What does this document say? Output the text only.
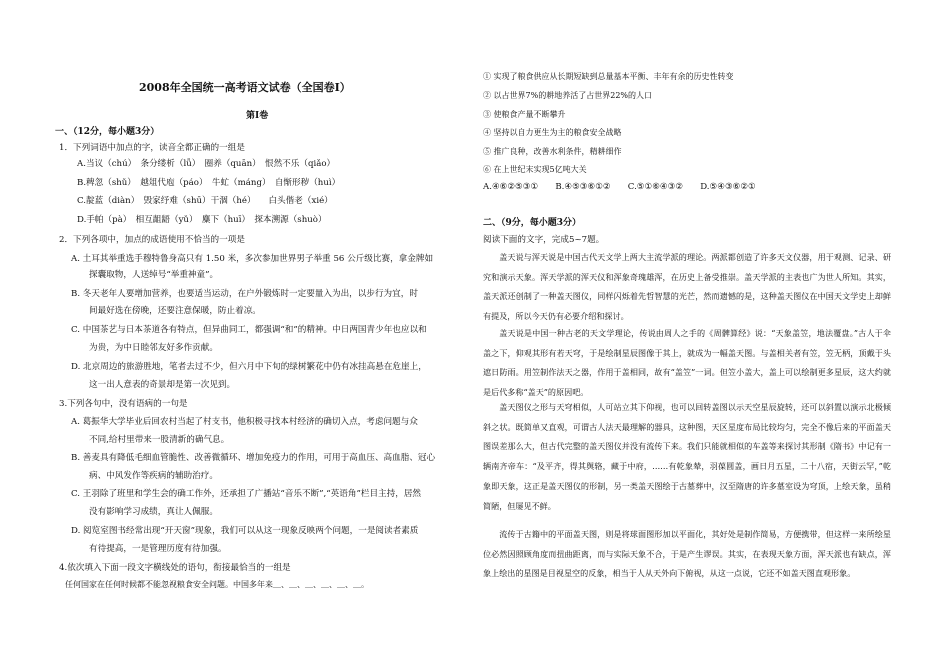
2008年全国统一高考语文试卷（全国卷Ⅰ）
第Ⅰ卷
一、（12分，每小题3分）
1．下列词语中加点的字，读音全都正确的一组是
A.当议（chú）　条分缕析（lǚ）　圈养（quān）　恨然不乐（qiǎo）
B.稗忽（shǔ）　越俎代庖（páo）　牛虻（máng）　自惭形秽（huì）
C.靛蓝（diàn）　毁家纾难（shū）干涸（hé）　　白头偕老（xié）
D.手帕（pà）　相互龃龉（yǔ）　麋下（huī）　探本溯源（shuò）
2．下列各项中，加点的成语使用不恰当的一项是
A. 土耳其举重选手穆特鲁身高只有 1.50 米，多次参加世界男子举重 56 公斤级比赛，拿金牌如
探囊取物，人送绰号“举重神童”。
B. 冬天老年人要增加营养，也要适当运动，在户外锻炼时一定要量入为出，以步行为宜，时
间最好选在傍晚，还要注意保暖，防止着凉。
C. 中国茶艺与日本茶道各有特点，但异曲同工，都强调“和”的精神。中日两国青少年也应以和
为贵，为中日睦邻友好多作贡献。
D. 北京周边的旅游胜地，笔者去过不少，但六月中下旬的绿树繁花中仍有冰挂高悬在危崖上，
这一出人意表的奇景却是第一次见到。
3.下列各句中，没有语病的一句是
A. 葛振华大学毕业后回农村当起了村支书，他积极寻找本村经济的确切入点，考虑问题与众
不同,给村里带来一股清新的确气息。
B. 善麦具有降低毛细血管脆性、改善微循环、增加免疫力的作用，可用于高血压、高血脂、冠心
病、中风发作等疾病的辅助治疗。
C. 王羽除了班里和学生会的确工作外，还承担了广播站“音乐不断”,“英语角”栏目主持，居然
没有影响学习成绩，真让人佩服。
D. 阅览室图书经常出现“开天窗”现象，我们可以从这一现象反映两个问题，一是阅读者素质
有待提高，一是管理历度有待加强。
4.依次填入下面一段文字横线处的语句，衔接最恰当的一组是
任何国家在任何时候都不能忽视粮食安全问题。中国多年来＿、＿、＿、＿、＿、＿。
① 实现了粮食供应从长期短缺到总量基本平衡、丰年有余的历史性转变
② 以占世界7%的耕地养活了占世界22%的人口
③ 使粮食产量不断攀升
④ 坚持以自力更生为主的粮食安全战略
⑤ 推广良种，改善水利条件，精耕细作
⑥ 在上世纪末实现5亿吨大关
A.④⑥②⑤③①　　B.④⑤③⑥①②　　C.⑤①⑥④③②　　D.⑤④③⑥②①
二、（9分，每小题3分）
阅读下面的文字，完成5~7题。
盖天说与浑天说是中国古代天文学上两大主流学派的理论。两派都创造了许多天文仪器，用于观测、记录、研究和演示天象。浑天学派的浑天仪和浑象奇瑰雄浑，在历史上备受推崇。盖天学派的主表也广为世人所知。其实，盖天派还创制了一种盖天图仪，同样闪烁着先哲智慧的光芒，然而遗憾的是，这种盖天图仪在中国天文学史上却鲜有提及，所以今天仍有必要介绍和探讨。
盖天说是中国一种古老的天文学理论，传说由周人之手的《周髀算经》说：“天象盖笠，地法覆盘。”古人于伞盖之下，仰观其形有若天穹，于是绘制星辰图像于其上，就成为一幅盖天图。与盖相关者有笠，笠无柄，顶戴于头遮日防雨。用笠制作法天之器，作用于盖相同，故有“盖笠”一词。但笠小盖大，盖上可以绘制更多星辰，这大约就是后代多称“盖天”的原因吧。
盖天图仪之形与天穹相似，人可站立其下仰视，也可以回转盖图以示天空星辰旋转，还可以斜置以演示北极倾斜之状。既简单又直观，可谓古人法天最理解的器具，这种图，天区星度布局比较均匀，完全不像后来的平面盖天图误差那么大，但古代完整的盖天图仪并没有流传下来。我们只能就相似的车盖等来探讨其形制《隋书》中记有一辆南齐帝车：“及平齐，得其舆辂，藏于中府，……有乾象辇，羽葆圆盖，画日月五星，二十八宿，天街云罕，”乾象即天象，这正是盖天图仪的形制，另一类盖天图绘于古墓葬中，汉至隋唐的许多墓室设为穹顶，上绘天象，虽稍简陋，但屡见不鲜。
流传于古籍中的平面盖天图，则是将球面图形加以平面化，其好处是制作简易，方便携带，但这样一来所绘星位必然因照顾角度而扭曲距离，而与实际天象不合，于是产生谬误。其实，在表现天象方面，浑天派也有缺点，浑象上绘出的星图是目视星空的反象，相当于人从天外向下俯视，从这一点说，它还不如盖天图直观形象。
